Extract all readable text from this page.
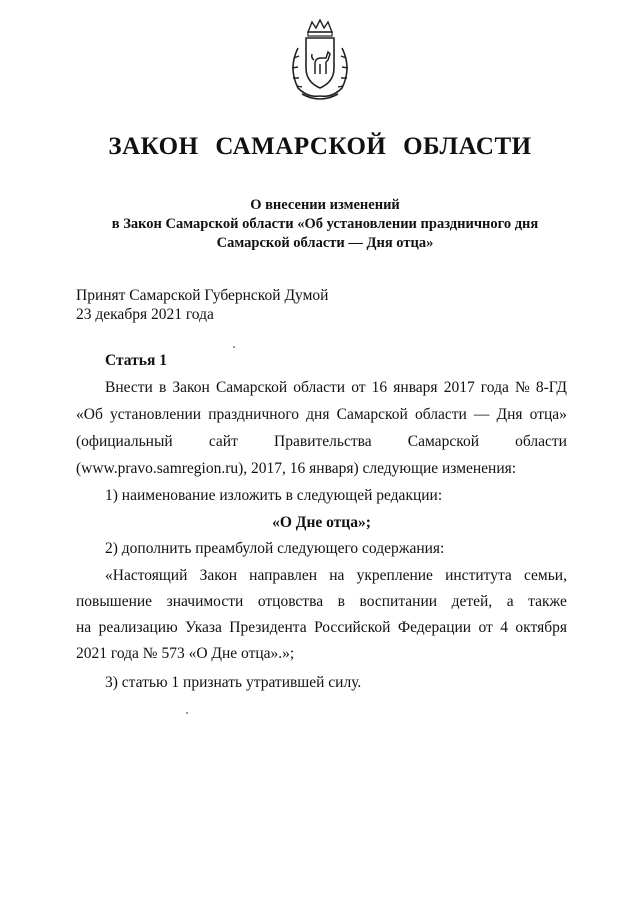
ЗАКОН САМАРСКОЙ ОБЛАСТИ
О внесении изменений
в Закон Самарской области «Об установлении праздничного дня
Самарской области — Дня отца»
Принят Самарской Губернской Думой
23 декабря 2021 года
Статья 1
Внести в Закон Самарской области от 16 января 2017 года № 8-ГД
«Об установлении праздничного дня Самарской области — Дня отца»
(официальный сайт Правительства Самарской области
(www.pravo.samregion.ru), 2017, 16 января) следующие изменения:
1) наименование изложить в следующей редакции:
«О Дне отца»;
2) дополнить преамбулой следующего содержания:
«Настоящий Закон направлен на укрепление института семьи,
повышение значимости отцовства в воспитании детей, а также
на реализацию Указа Президента Российской Федерации от 4 октября
2021 года № 573 «О Дне отца».»;
3) статью 1 признать утратившей силу.
